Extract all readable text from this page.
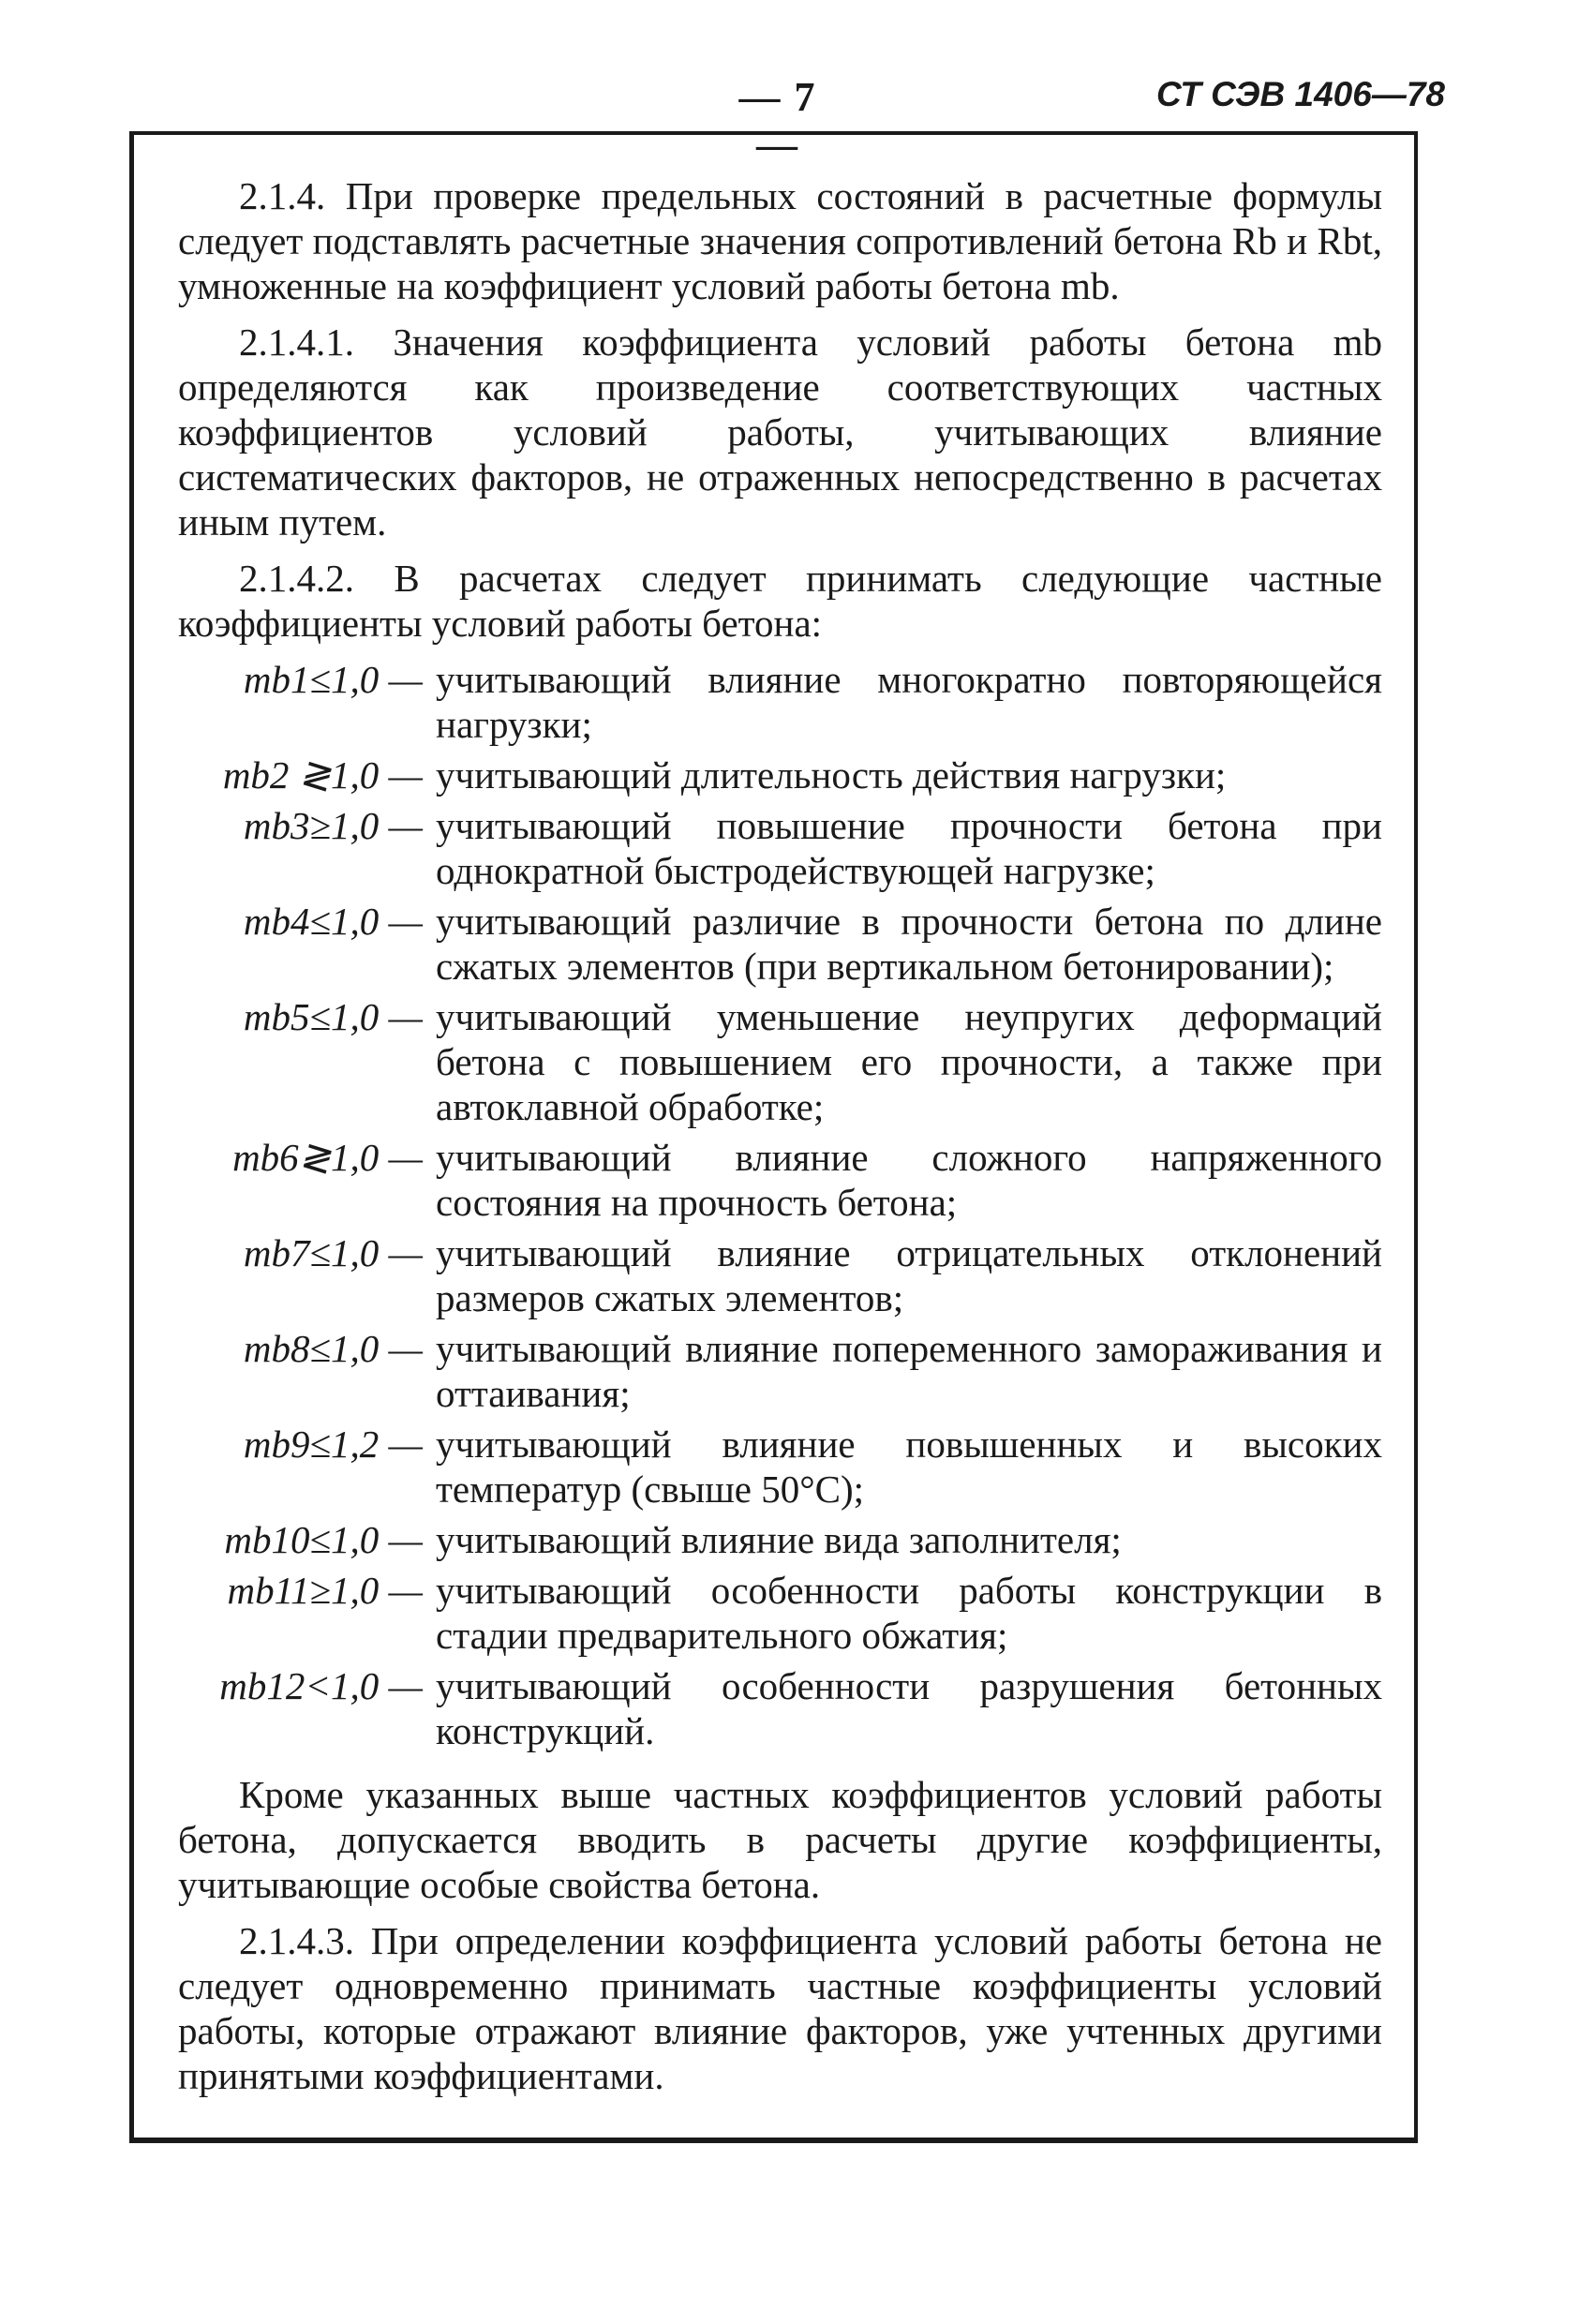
— 7 —
СТ СЭВ 1406—78

2.1.4. При проверке предельных состояний в расчетные формулы следует подставлять расчетные значения сопротивлений бетона Rb и Rbt, умноженные на коэффициент условий работы бетона mb.

2.1.4.1. Значения коэффициента условий работы бетона mb определяются как произведение соответствующих частных коэффициентов условий работы, учитывающих влияние систематических факторов, не отраженных непосредственно в расчетах иным путем.

2.1.4.2. В расчетах следует принимать следующие частные коэффициенты условий работы бетона:

mb1≤1,0 — учитывающий влияние многократно повторяющейся нагрузки;
mb2 ≷1,0 — учитывающий длительность действия нагрузки;
mb3≥1,0 — учитывающий повышение прочности бетона при однократной быстродействующей нагрузке;
mb4≤1,0 — учитывающий различие в прочности бетона по длине сжатых элементов (при вертикальном бетонировании);
mb5≤1,0 — учитывающий уменьшение неупругих деформаций бетона с повышением его прочности, а также при автоклавной обработке;
mb6≷1,0 — учитывающий влияние сложного напряженного состояния на прочность бетона;
mb7≤1,0 — учитывающий влияние отрицательных отклонений размеров сжатых элементов;
mb8≤1,0 — учитывающий влияние попеременного замораживания и оттаивания;
mb9≤1,2 — учитывающий влияние повышенных и высоких температур (свыше 50°C);
mb10≤1,0 — учитывающий влияние вида заполнителя;
mb11≥1,0 — учитывающий особенности работы конструкции в стадии предварительного обжатия;
mb12<1,0 — учитывающий особенности разрушения бетонных конструкций.

Кроме указанных выше частных коэффициентов условий работы бетона, допускается вводить в расчеты другие коэффициенты, учитывающие особые свойства бетона.

2.1.4.3. При определении коэффициента условий работы бетона не следует одновременно принимать частные коэффициенты условий работы, которые отражают влияние факторов, уже учтенных другими принятыми коэффициентами.
